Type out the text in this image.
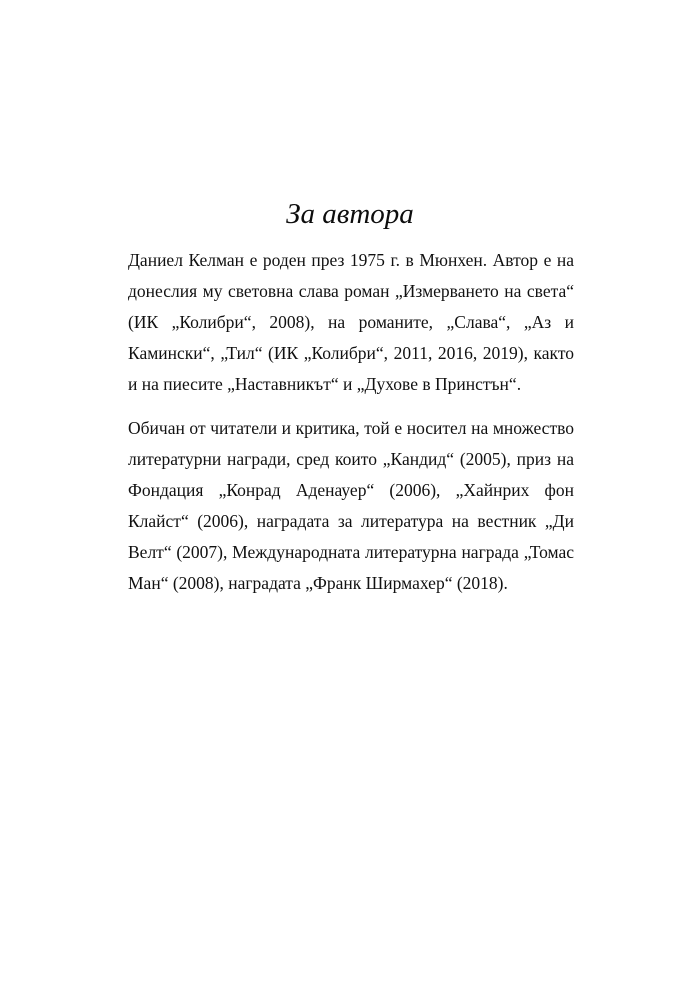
За автора

Даниел Келман е роден през 1975 г. в Мюнхен. Автор е на донеслия му световна слава роман „Измерването на света“ (ИК „Колибри“, 2008), на романите, „Слава“, „Аз и Камински“, „Тил“ (ИК „Колибри“, 2011, 2016, 2019), както и на пиесите „Наставникът“ и „Духове в Принстън“.

Обичан от читатели и критика, той е носител на множество литературни награди, сред които „Кандид“ (2005), приз на Фондация „Конрад Аденауер“ (2006), „Хайнрих фон Клайст“ (2006), наградата за литература на вестник „Ди Велт“ (2007), Международната литературна награда „Томас Ман“ (2008), наградата „Франк Ширмахер“ (2018).
